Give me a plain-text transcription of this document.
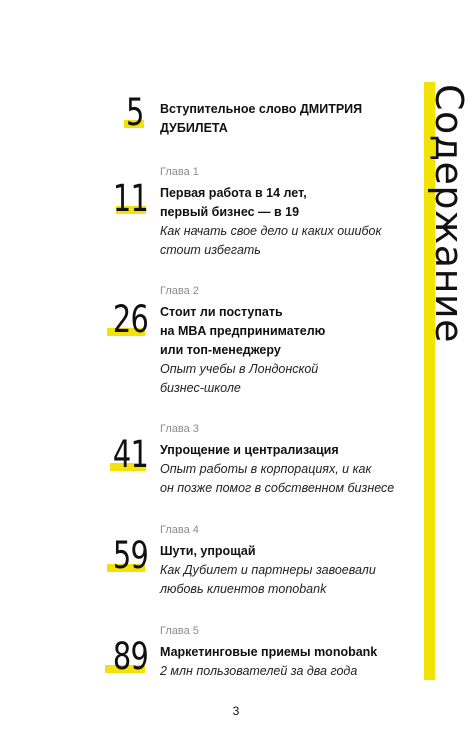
Содержание
5 Вступительное слово ДМИТРИЯ ДУБИЛЕТА
11
Глава 1
Первая работа в 14 лет,
первый бизнес — в 19
Как начать свое дело и каких ошибок
стоит избегать
26
Глава 2
Стоит ли поступать
на MBA предпринимателю
или топ-менеджеру
Опыт учебы в Лондонской
бизнес-школе
41
Глава 3
Упрощение и централизация
Опыт работы в корпорациях, и как
он позже помог в собственном бизнесе
59
Глава 4
Шути, упрощай
Как Дубилет и партнеры завоевали
любовь клиентов monobank
89
Глава 5
Маркетинговые приемы monobank
2 млн пользователей за два года
3
